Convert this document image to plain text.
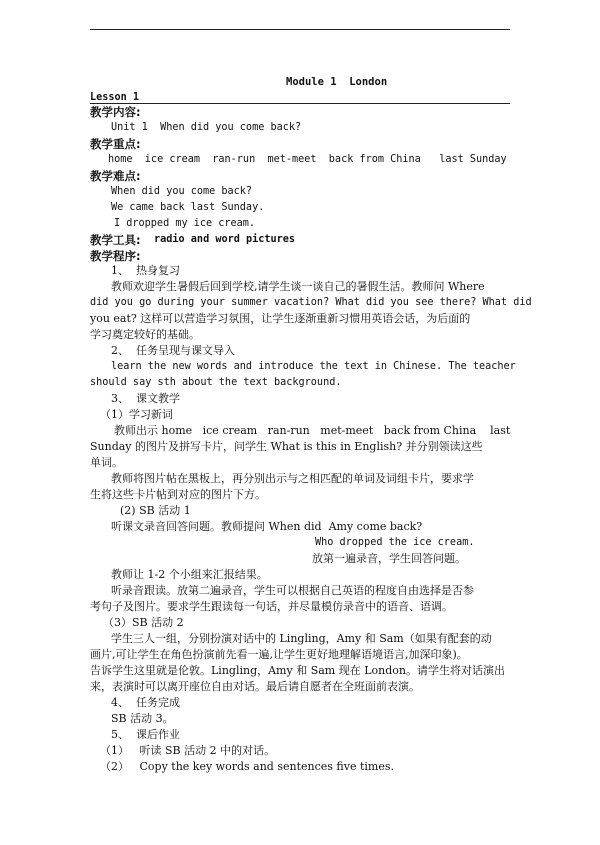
Module 1  London
Lesson 1
教学内容:
Unit 1  When did you come back?
教学重点:
home  ice cream  ran-run  met-meet  back from China   last Sunday
教学难点:
When did you come back?
We came back last Sunday.
I dropped my ice cream.
教学工具: radio and word pictures
教学程序:
1、  热身复习
教师欢迎学生暑假后回到学校,请学生谈一谈自己的暑假生活。教师问 Where
did you go during your summer vacation? What did you see there? What did
you eat? 这样可以营造学习氛围，让学生逐渐重新习惯用英语会话，为后面的
学习奠定较好的基础。
2、  任务呈现与课文导入
learn the new words and introduce the text in Chinese. The teacher
should say sth about the text background.
3、  课文教学
（1）学习新词
教师出示 home   ice cream   ran-run   met-meet   back from China    last
Sunday 的图片及拼写卡片，问学生 What is this in English? 并分别领读这些
单词。
教师将图片帖在黑板上，再分别出示与之相匹配的单词及词组卡片，要求学
生将这些卡片帖到对应的图片下方。
(2) SB 活动 1
听课文录音回答问题。教师提问 When did  Amy come back?
Who dropped the ice cream.
放第一遍录音，学生回答问题。
教师让 1-2 个小组来汇报结果。
听录音跟读。放第二遍录音，学生可以根据自己英语的程度自由选择是否参
考句子及图片。要求学生跟读每一句话，并尽量模仿录音中的语音、语调。
（3）SB 活动 2
学生三人一组，分别扮演对话中的 Lingling，Amy 和 Sam（如果有配套的动
画片,可让学生在角色扮演前先看一遍,让学生更好地理解语境语言,加深印象)。
告诉学生这里就是伦敦。Lingling，Amy 和 Sam 现在 London。请学生将对话演出
来，表演时可以离开座位自由对话。最后请自愿者在全班面前表演。
4、  任务完成
SB 活动 3。
5、  课后作业
（1）   听读 SB 活动 2 中的对话。
（2）   Copy the key words and sentences five times.
